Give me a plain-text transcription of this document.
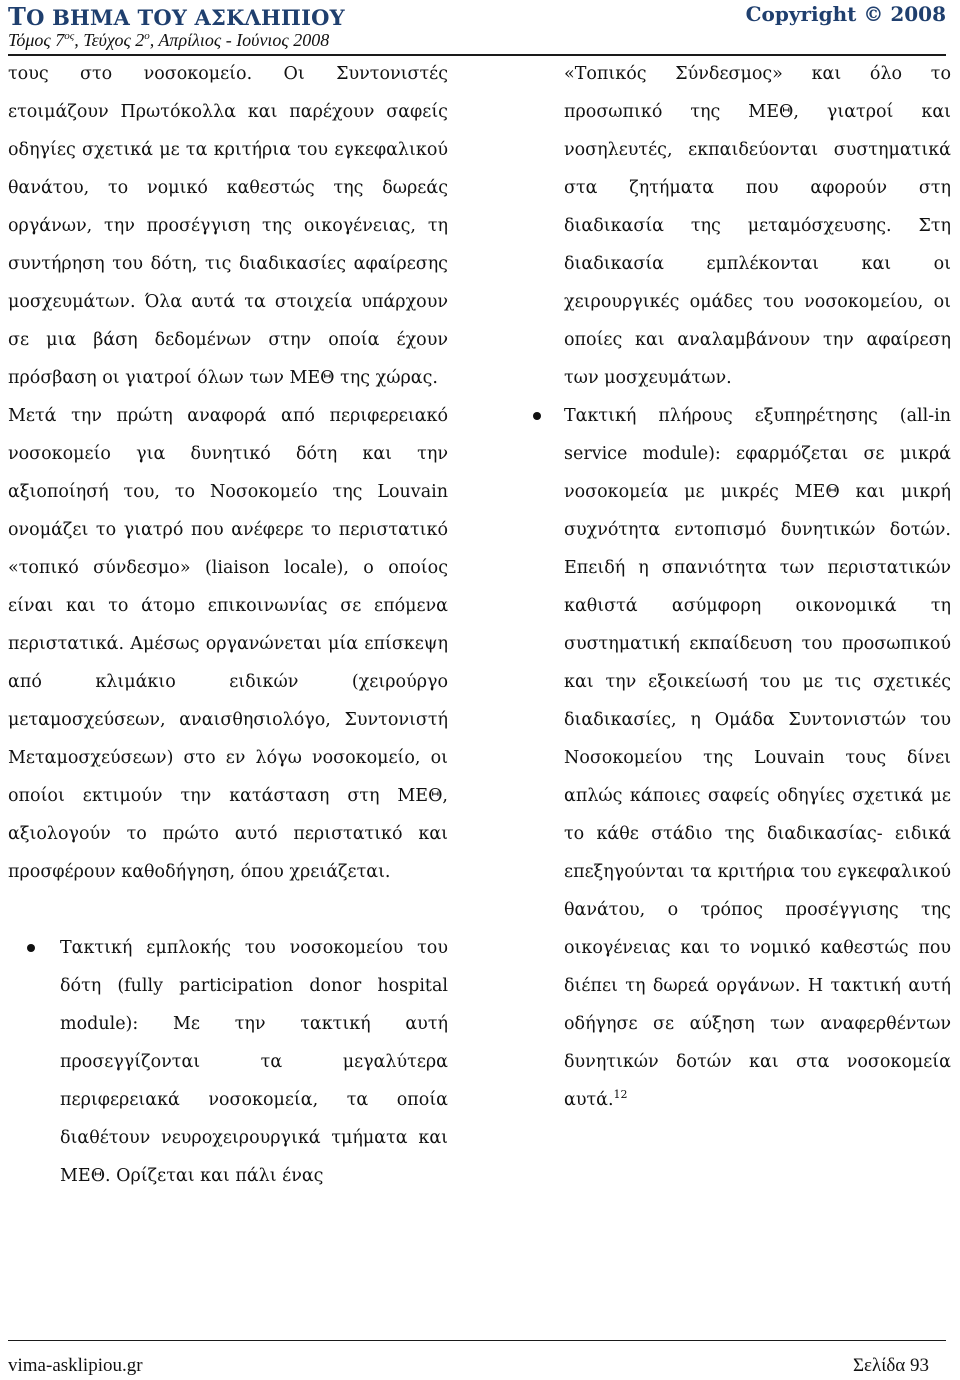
ΤΟ ΒΗΜΑ ΤΟΥ ΑΣΚΛΗΠΙΟΥ
Τόμος $7^{o\varsigma}$, Τεύχος $2^o$, Απρίλιος - Ιούνιος 2008
Copyright © 2008

τους στο νοσοκομείο. Οι Συντονιστές ετοιμάζουν Πρωτόκολλα και παρέχουν σαφείς οδηγίες σχετικά με τα κριτήρια του εγκεφαλικού θανάτου, το νομικό καθεστώς της δωρεάς οργάνων, την προσέγγιση της οικογένειας, τη συντήρηση του δότη, τις διαδικασίες αφαίρεσης μοσχευμάτων. Όλα αυτά τα στοιχεία υπάρχουν σε μια βάση δεδομένων στην οποία έχουν πρόσβαση οι γιατροί όλων των ΜΕΘ της χώρας.

Μετά την πρώτη αναφορά από περιφερειακό νοσοκομείο για δυνητικό δότη και την αξιοποίησή του, το Νοσοκομείο της Louvain ονομάζει το γιατρό που ανέφερε το περιστατικό «τοπικό σύνδεσμο» (liaison locale), ο οποίος είναι και το άτομο επικοινωνίας σε επόμενα περιστατικά. Αμέσως οργανώνεται μία επίσκεψη από κλιμάκιο ειδικών (χειρούργο μεταμοσχεύσεων, αναισθησιολόγο, Συντονιστή Μεταμοσχεύσεων) στο εν λόγω νοσοκομείο, οι οποίοι εκτιμούν την κατάσταση στη ΜΕΘ, αξιολογούν το πρώτο αυτό περιστατικό και προσφέρουν καθοδήγηση, όπου χρειάζεται.

Τακτική εμπλοκής του νοσοκομείου του δότη (fully participation donor hospital module): Με την τακτική αυτή προσεγγίζονται τα μεγαλύτερα περιφερειακά νοσοκομεία, τα οποία διαθέτουν νευροχειρουργικά τμήματα και ΜΕΘ. Ορίζεται και πάλι ένας

«Τοπικός Σύνδεσμος» και όλο το προσωπικό της ΜΕΘ, γιατροί και νοσηλευτές, εκπαιδεύονται συστηματικά στα ζητήματα που αφορούν στη διαδικασία της μεταμόσχευσης. Στη διαδικασία εμπλέκονται και οι χειρουργικές ομάδες του νοσοκομείου, οι οποίες και αναλαμβάνουν την αφαίρεση των μοσχευμάτων.

Τακτική πλήρους εξυπηρέτησης (all-in service module): εφαρμόζεται σε μικρά νοσοκομεία με μικρές ΜΕΘ και μικρή συχνότητα εντοπισμό δυνητικών δοτών. Επειδή η σπανιότητα των περιστατικών καθιστά ασύμφορη οικονομικά τη συστηματική εκπαίδευση του προσωπικού και την εξοικείωσή του με τις σχετικές διαδικασίες, η Ομάδα Συντονιστών του Νοσοκομείου της Louvain τους δίνει απλώς κάποιες σαφείς οδηγίες σχετικά με το κάθε στάδιο της διαδικασίας- ειδικά επεξηγούνται τα κριτήρια του εγκεφαλικού θανάτου, ο τρόπος προσέγγισης της οικογένειας και το νομικό καθεστώς που διέπει τη δωρεά οργάνων. Η τακτική αυτή οδήγησε σε αύξηση των αναφερθέντων δυνητικών δοτών και στα νοσοκομεία αυτά.$^{12}$
vima-asklipiou.gr	Σελίδα 93
